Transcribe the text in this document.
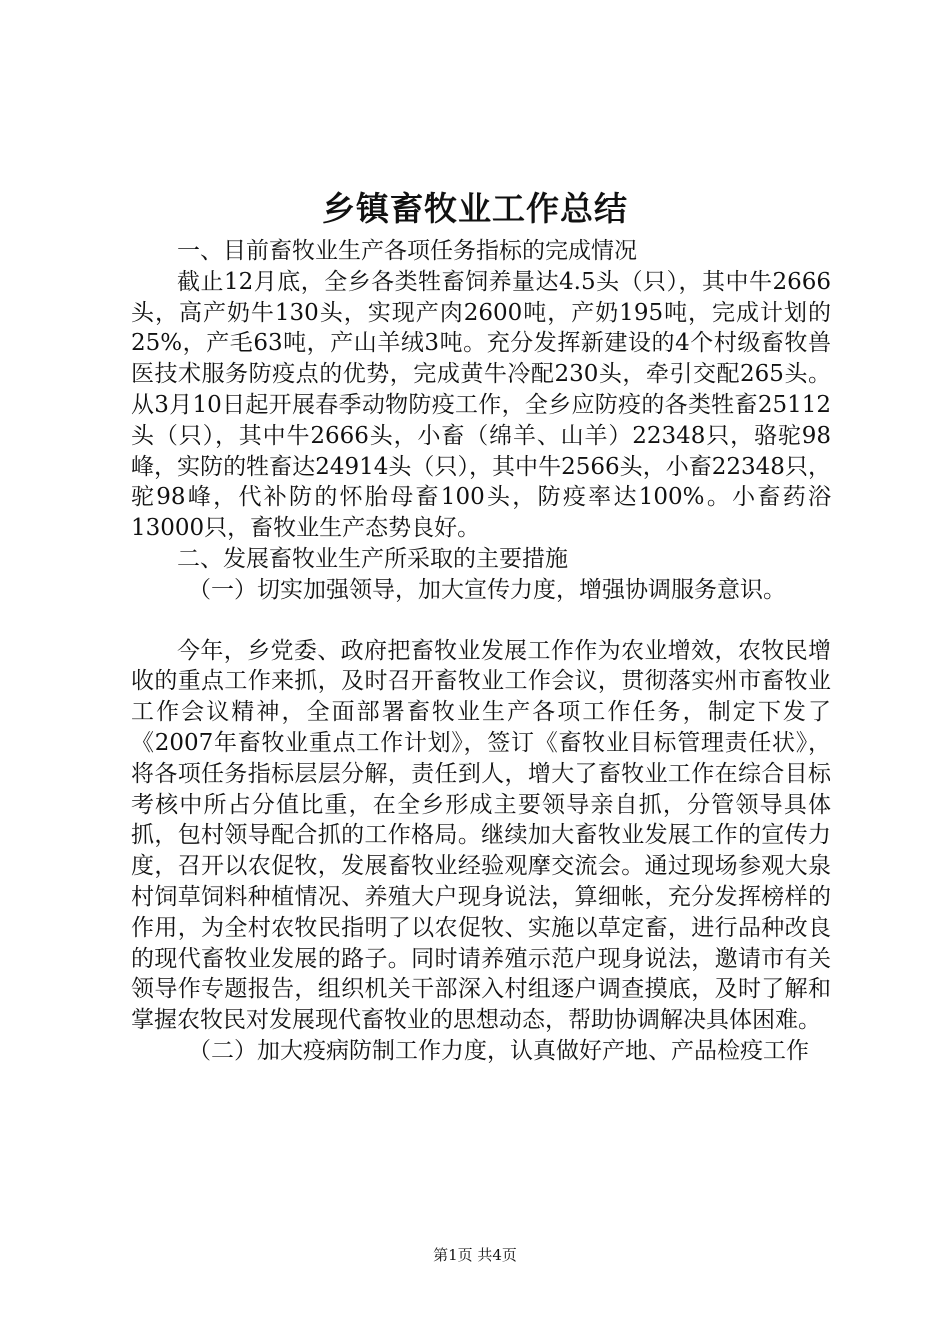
乡镇畜牧业工作总结

一、目前畜牧业生产各项任务指标的完成情况

截止12月底，全乡各类牲畜饲养量达4.5头（只），其中牛2666头，高产奶牛130头，实现产肉2600吨，产奶195吨，完成计划的25%，产毛63吨，产山羊绒3吨。充分发挥新建设的4个村级畜牧兽医技术服务防疫点的优势，完成黄牛冷配230头，牵引交配265头。从3月10日起开展春季动物防疫工作，全乡应防疫的各类牲畜25112头（只），其中牛2666头，小畜（绵羊、山羊）22348只，骆驼98峰，实防的牲畜达24914头（只），其中牛2566头，小畜22348只，驼98峰，代补防的怀胎母畜100头，防疫率达100%。小畜药浴13000只，畜牧业生产态势良好。

二、发展畜牧业生产所采取的主要措施

（一）切实加强领导，加大宣传力度，增强协调服务意识。

今年，乡党委、政府把畜牧业发展工作作为农业增效，农牧民增收的重点工作来抓，及时召开畜牧业工作会议，贯彻落实州市畜牧业工作会议精神，全面部署畜牧业生产各项工作任务，制定下发了《2007年畜牧业重点工作计划》，签订《畜牧业目标管理责任状》，将各项任务指标层层分解，责任到人，增大了畜牧业工作在综合目标考核中所占分值比重，在全乡形成主要领导亲自抓，分管领导具体抓，包村领导配合抓的工作格局。继续加大畜牧业发展工作的宣传力度，召开以农促牧，发展畜牧业经验观摩交流会。通过现场参观大泉村饲草饲料种植情况、养殖大户现身说法，算细帐，充分发挥榜样的作用，为全村农牧民指明了以农促牧、实施以草定畜，进行品种改良的现代畜牧业发展的路子。同时请养殖示范户现身说法，邀请市有关领导作专题报告，组织机关干部深入村组逐户调查摸底，及时了解和掌握农牧民对发展现代畜牧业的思想动态，帮助协调解决具体困难。

（二）加大疫病防制工作力度，认真做好产地、产品检疫工作

第1页 共4页
